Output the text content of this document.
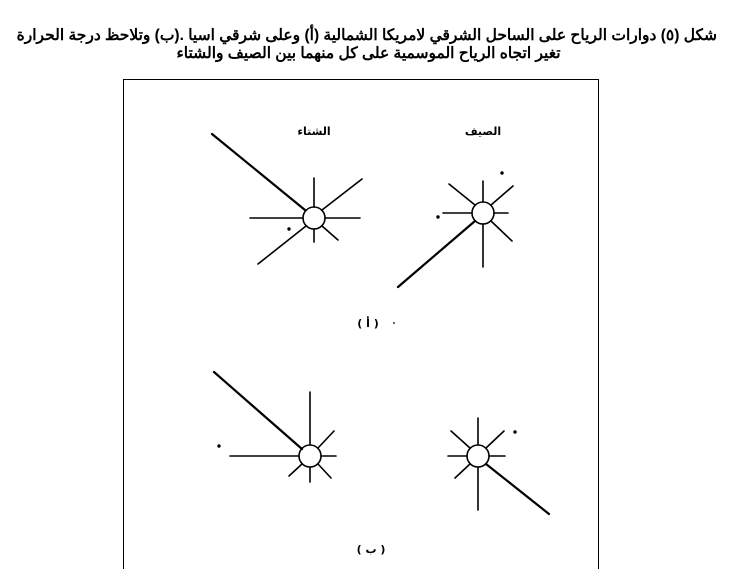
شكل (٥) دوارات الرياح على الساحل الشرقي لامريكا الشمالية (أ) وعلى شرقي اسيا .(ب) وتلاحظ درجة الحرارة
تغير اتجاه الرياح الموسمية على كل منهما بين الصيف والشتاء
الشتاء	الصيف
( أ )
( ب )
